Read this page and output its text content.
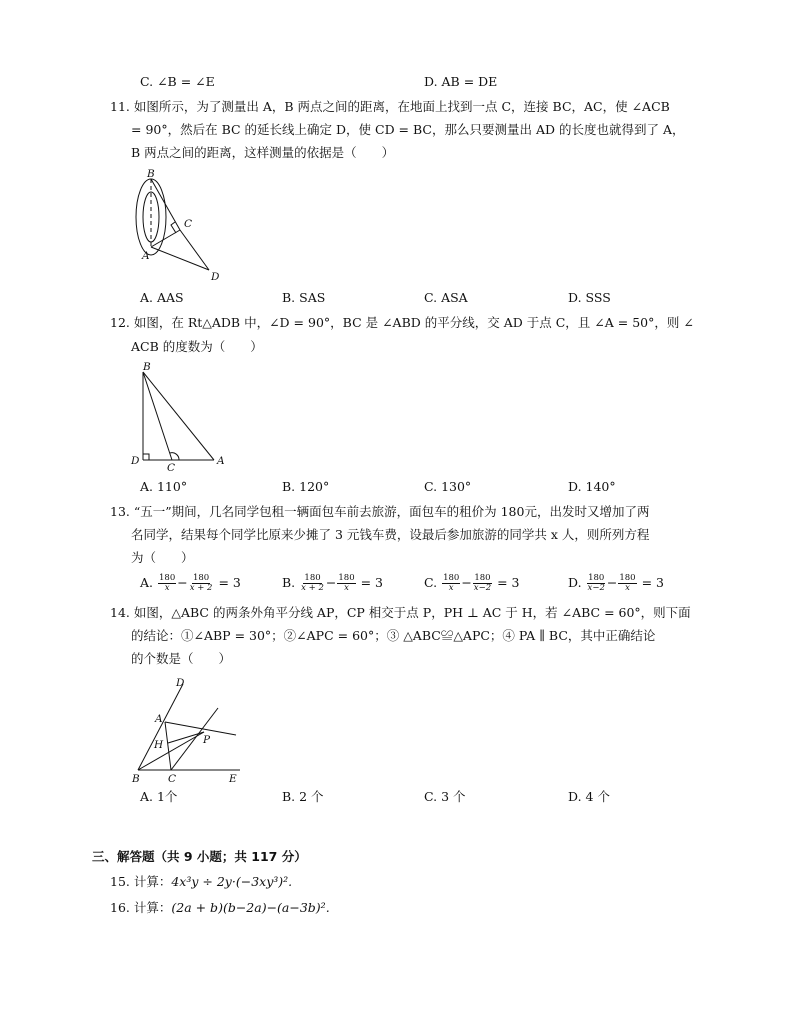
C. ∠B = ∠E	D. AB = DE
11. 如图所示，为了测量出 A，B 两点之间的距离，在地面上找到一点 C，连接 BC，AC，使 ∠ACB
= 90°，然后在 BC 的延长线上确定 D，使 CD = BC，那么只要测量出 AD 的长度也就得到了 A，
B 两点之间的距离，这样测量的依据是（　　）
B
C
A
D
A. AAS	B. SAS	C. ASA	D. SSS
12. 如图，在 Rt△ADB 中，∠D = 90°，BC 是 ∠ABD 的平分线，交 AD 于点 C，且 ∠A = 50°，则 ∠
ACB 的度数为（　　）
B
D
C
A
A. 110°	B. 120°	C. 130°	D. 140°
13. “五一”期间，几名同学包租一辆面包车前去旅游，面包车的租价为 180元，出发时又增加了两
名同学，结果每个同学比原来少摊了 3 元钱车费，设最后参加旅游的同学共 x 人，则所列方程
为（　　）
A. $\frac{180}{x} - \frac{180}{x + 2} = 3$	B. $\frac{180}{x + 2} - \frac{180}{x} = 3$	C. $\frac{180}{x} - \frac{180}{x-2} = 3$	D. $\frac{180}{x-2} - \frac{180}{x} = 3$
14. 如图，△ABC 的两条外角平分线 AP，CP 相交于点 P，PH ⊥ AC 于 H，若 ∠ABC = 60°，则下面
的结论：①∠ABP = 30°；②∠APC = 60°；③ △ABC≌△APC；④ PA ∥ BC，其中正确结论
的个数是（　　）
D
A
H	P
B	C	E
A. 1个	B. 2 个	C. 3 个	D. 4 个
三、解答题（共 9 小题；共 117 分）
15. 计算：4x³y ÷ 2y·(−3xy³)².
16. 计算：(2a + b)(b−2a)−(a−3b)².
